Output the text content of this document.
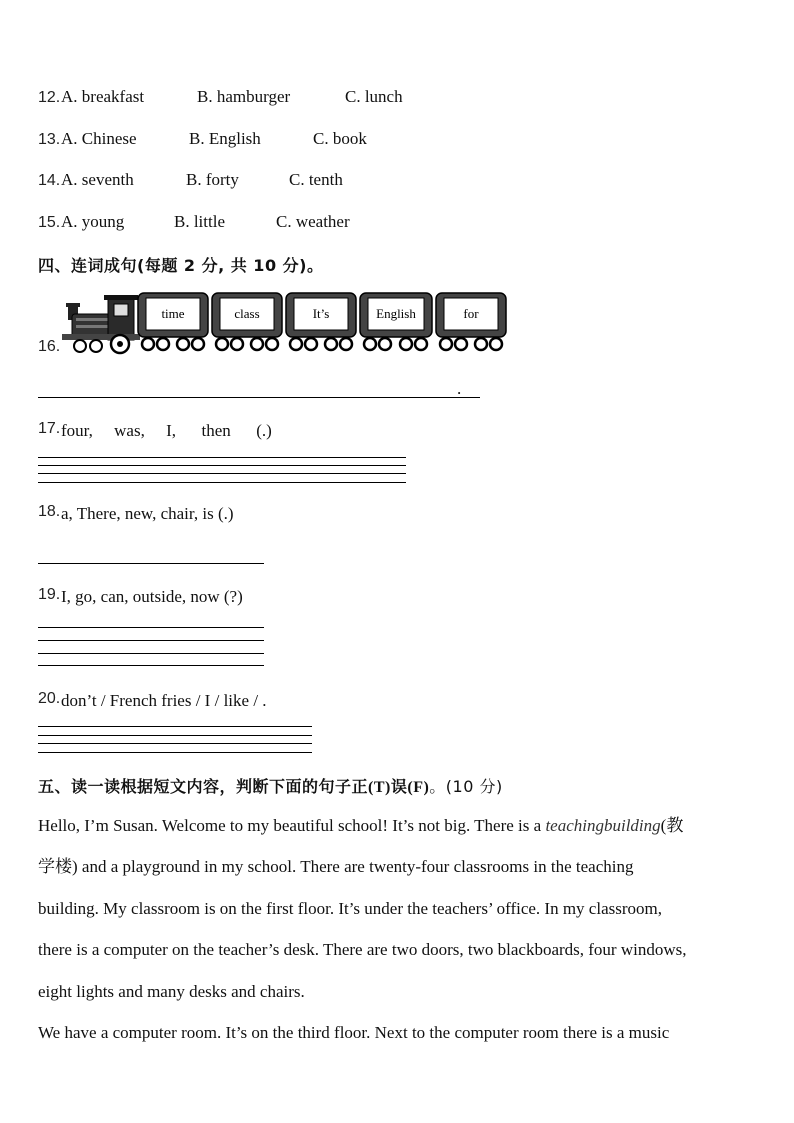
12. A. breakfast	B. hamburger	C. lunch
13. A. Chinese	B. English	C. book
14. A. seventh	B. forty	C. tenth
15. A. young	B. little	C. weather
四、连词成句(每题 2 分, 共 10 分)。
16.
time	class	It’s	English	for
.
17. four,     was,     I,      then      (.)
18. a, There, new, chair, is (.)
19. I, go, can, outside, now (?)
20. don’t / French fries / I / like / .
五、读一读根据短文内容，判断下面的句子正(T)误(F)。(10 分)
Hello, I’m Susan. Welcome to my beautiful school! It’s not big. There is a teachingbuilding(教
学楼) and a playground in my school. There are twenty-four classrooms in the teaching
building. My classroom is on the first floor. It’s under the teachers’ office. In my classroom,
there is a computer on the teacher’s desk. There are two doors, two blackboards, four windows,
eight lights and many desks and chairs.
We have a computer room. It’s on the third floor. Next to the computer room there is a music
